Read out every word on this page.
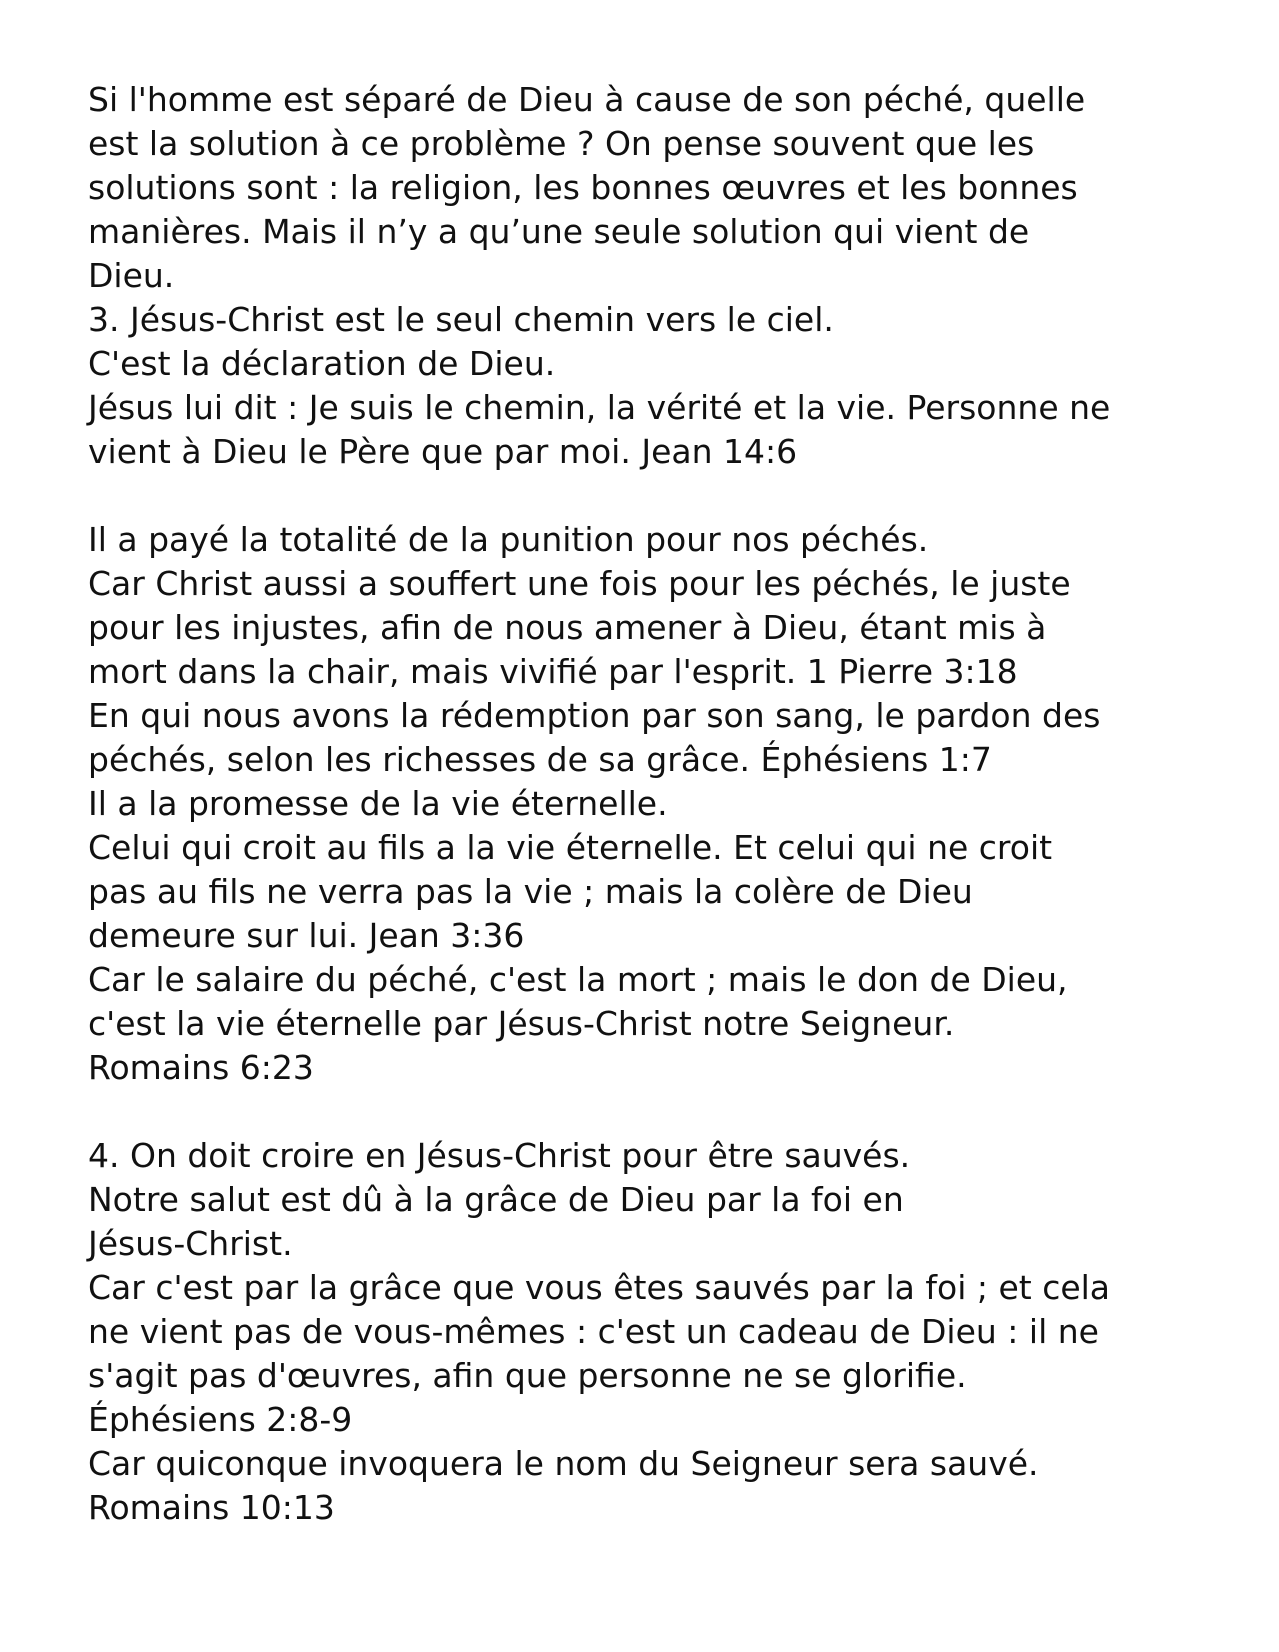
Si l'homme est séparé de Dieu à cause de son péché, quelle
est la solution à ce problème ? On pense souvent que les
solutions sont : la religion, les bonnes œuvres et les bonnes
manières. Mais il n’y a qu’une seule solution qui vient de
Dieu.
3. Jésus-Christ est le seul chemin vers le ciel.
C'est la déclaration de Dieu.
Jésus lui dit : Je suis le chemin, la vérité et la vie. Personne ne
vient à Dieu le Père que par moi. Jean 14:6
Il a payé la totalité de la punition pour nos péchés.
Car Christ aussi a souffert une fois pour les péchés, le juste
pour les injustes, afin de nous amener à Dieu, étant mis à
mort dans la chair, mais vivifié par l'esprit. 1 Pierre 3:18
En qui nous avons la rédemption par son sang, le pardon des
péchés, selon les richesses de sa grâce. Éphésiens 1:7
Il a la promesse de la vie éternelle.
Celui qui croit au fils a la vie éternelle. Et celui qui ne croit
pas au fils ne verra pas la vie ; mais la colère de Dieu
demeure sur lui. Jean 3:36
Car le salaire du péché, c'est la mort ; mais le don de Dieu,
c'est la vie éternelle par Jésus-Christ notre Seigneur.
Romains 6:23
4. On doit croire en Jésus-Christ pour être sauvés.
Notre salut est dû à la grâce de Dieu par la foi en
Jésus-Christ.
Car c'est par la grâce que vous êtes sauvés par la foi ; et cela
ne vient pas de vous-mêmes : c'est un cadeau de Dieu : il ne
s'agit pas d'œuvres, afin que personne ne se glorifie.
Éphésiens 2:8-9
Car quiconque invoquera le nom du Seigneur sera sauvé.
Romains 10:13
